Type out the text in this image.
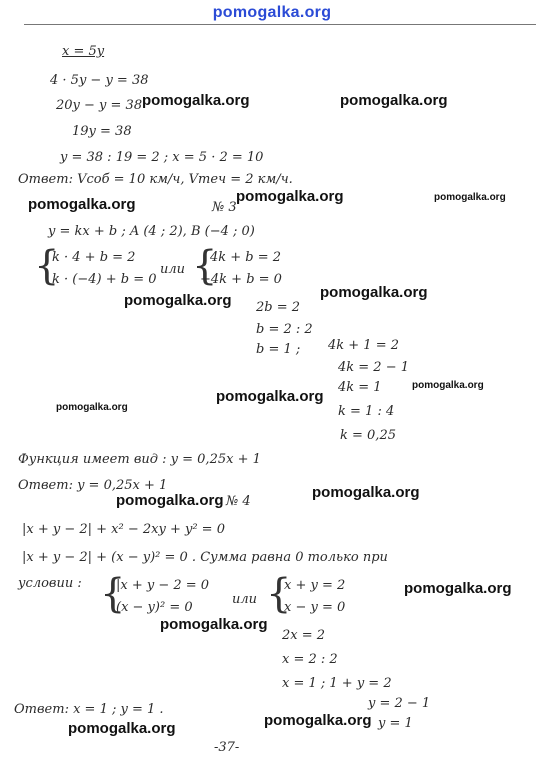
pomogalka.org
x = 5y
4 · 5y − y = 38
20y − y = 38
19y = 38
y = 38 : 19 = 2 ; x = 5 · 2 = 10
Ответ: Vсоб = 10 км/ч, Vтеч = 2 км/ч.
№ 3
y = kx + b ; A (4 ; 2), B (−4 ; 0)
{
k · 4 + b = 2
k · (−4) + b = 0
или {
4k + b = 2
−4k + b = 0
2b = 2
b = 2 : 2
b = 1 ; 4k + 1 = 2
4k = 2 − 1
4k = 1
k = 1 : 4
k = 0,25
Функция имеет вид : y = 0,25x + 1
Ответ: y = 0,25x + 1
№ 4
|x + y − 2| + x² − 2xy + y² = 0
|x + y − 2| + (x − y)² = 0 . Сумма равна 0 только при
условии : {
|x + y − 2 = 0
(x − y)² = 0
или {
x + y = 2
x − y = 0
2x = 2
x = 2 : 2
x = 1 ; 1 + y = 2
y = 2 − 1
y = 1
Ответ: x = 1 ; y = 1 .
-37-
pomogalka.org	pomogalka.org
pomogalka.org	pomogalka.org	pomogalka.org
pomogalka.org	pomogalka.org
pomogalka.org
pomogalka.org
pomogalka.org
pomogalka.org	pomogalka.org
pomogalka.org
pomogalka.org
pomogalka.org
pomogalka.org
